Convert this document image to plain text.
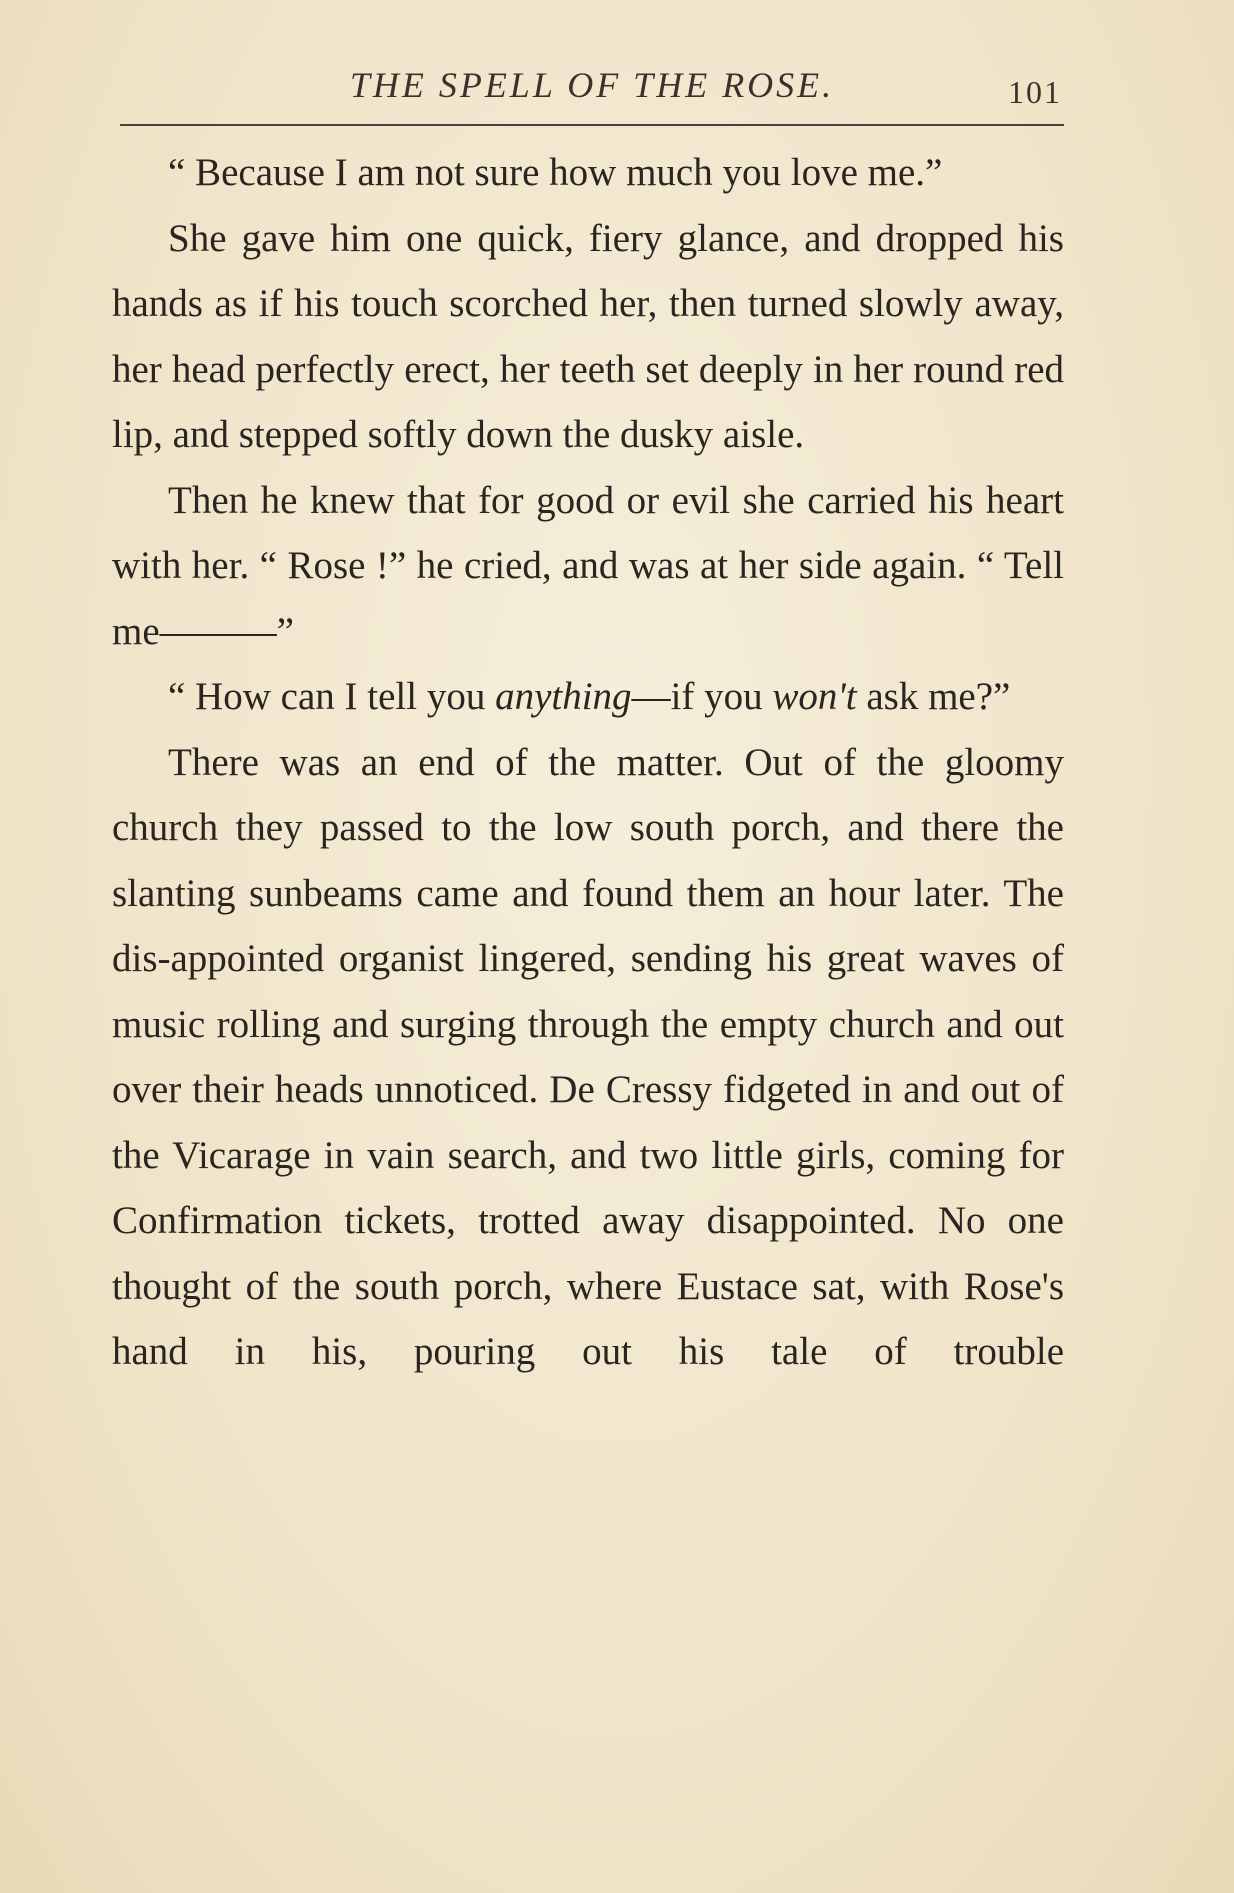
THE SPELL OF THE ROSE.	101

“ Because I am not sure how much you love me.”

She gave him one quick, fiery glance, and dropped his hands as if his touch scorched her, then turned slowly away, her head perfectly erect, her teeth set deeply in her round red lip, and stepped softly down the dusky aisle.

Then he knew that for good or evil she carried his heart with her. “ Rose !” he cried, and was at her side again. “ Tell me———”

“ How can I tell you anything—if you won't ask me?”

There was an end of the matter. Out of the gloomy church they passed to the low south porch, and there the slanting sunbeams came and found them an hour later. The dis-appointed organist lingered, sending his great waves of music rolling and surging through the empty church and out over their heads unnoticed. De Cressy fidgeted in and out of the Vicarage in vain search, and two little girls, coming for Confirmation tickets, trotted away disappointed. No one thought of the south porch, where Eustace sat, with Rose's hand in his, pouring out his tale of trouble
